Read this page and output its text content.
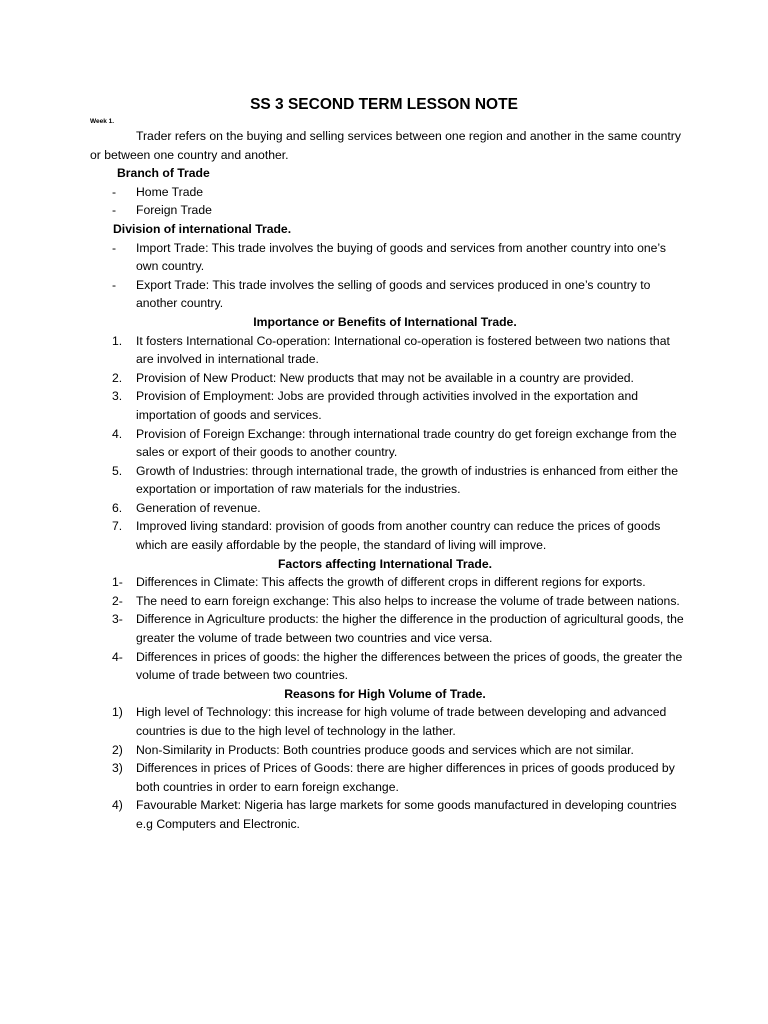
SS 3 SECOND TERM LESSON NOTE
Week 1.

Trader refers on the buying and selling services between one region and another in the same country or between one country and another.

Branch of Trade
- Home Trade
- Foreign Trade
Division of international Trade.
- Import Trade: This trade involves the buying of goods and services from another country into one’s own country.
- Export Trade: This trade involves the selling of goods and services produced in one’s country to another country.
Importance or Benefits of International Trade.
1. It fosters International Co-operation: International co-operation is fostered between two nations that are involved in international trade.
2. Provision of New Product: New products that may not be available in a country are provided.
3. Provision of Employment: Jobs are provided through activities involved in the exportation and importation of goods and services.
4. Provision of Foreign Exchange: through international trade country do get foreign exchange from the sales or export of their goods to another country.
5. Growth of Industries: through international trade, the growth of industries is enhanced from either the exportation or importation of raw materials for the industries.
6. Generation of revenue.
7. Improved living standard: provision of goods from another country can reduce the prices of goods which are easily affordable by the people, the standard of living will improve.
Factors affecting International Trade.
1- Differences in Climate: This affects the growth of different crops in different regions for exports.
2- The need to earn foreign exchange: This also helps to increase the volume of trade between nations.
3- Difference in Agriculture products: the higher the difference in the production of agricultural goods, the greater the volume of trade between two countries and vice versa.
4- Differences in prices of goods: the higher the differences between the prices of goods, the greater the volume of trade between two countries.
Reasons for High Volume of Trade.
1) High level of Technology: this increase for high volume of trade between developing and advanced countries is due to the high level of technology in the lather.
2) Non-Similarity in Products: Both countries produce goods and services which are not similar.
3) Differences in prices of Prices of Goods: there are higher differences in prices of goods produced by both countries in order to earn foreign exchange.
4) Favourable Market: Nigeria has large markets for some goods manufactured in developing countries e.g Computers and Electronic.
